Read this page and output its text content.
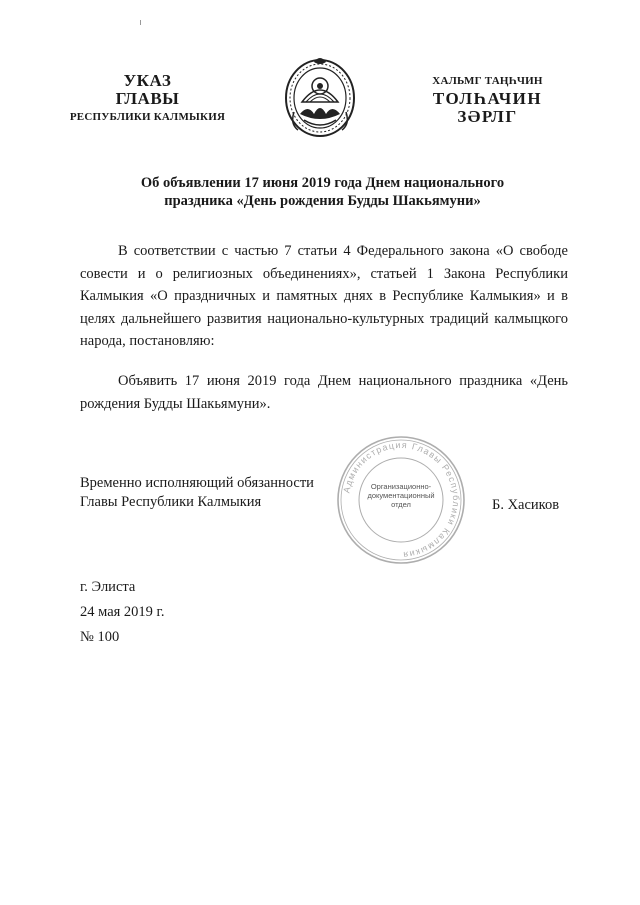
УКАЗ
ГЛАВЫ
РЕСПУБЛИКИ КАЛМЫКИЯ
ХАЛЬМГ ТАҢҺЧИН
ТОЛҺАЧИН
ЗӘРЛГ
Об объявлении 17 июня 2019 года Днем национального
праздника «День рождения Будды Шакьямуни»
В соответствии с частью 7 статьи 4 Федерального закона «О свободе совести и о религиозных объединениях», статьей 1 Закона Республики Калмыкия «О праздничных и памятных днях в Республике Калмыкия» и в целях дальнейшего развития национально-культурных традиций калмыцкого народа, постановляю:
Объявить 17 июня 2019 года Днем национального праздника «День рождения Будды Шакьямуни».
Временно исполняющий обязанности
Главы Республики Калмыкия
Администрация Главы Республики Калмыкия
Организационно-
документационный
отдел	Б. Хасиков
г. Элиста
24 мая 2019 г.
№ 100
